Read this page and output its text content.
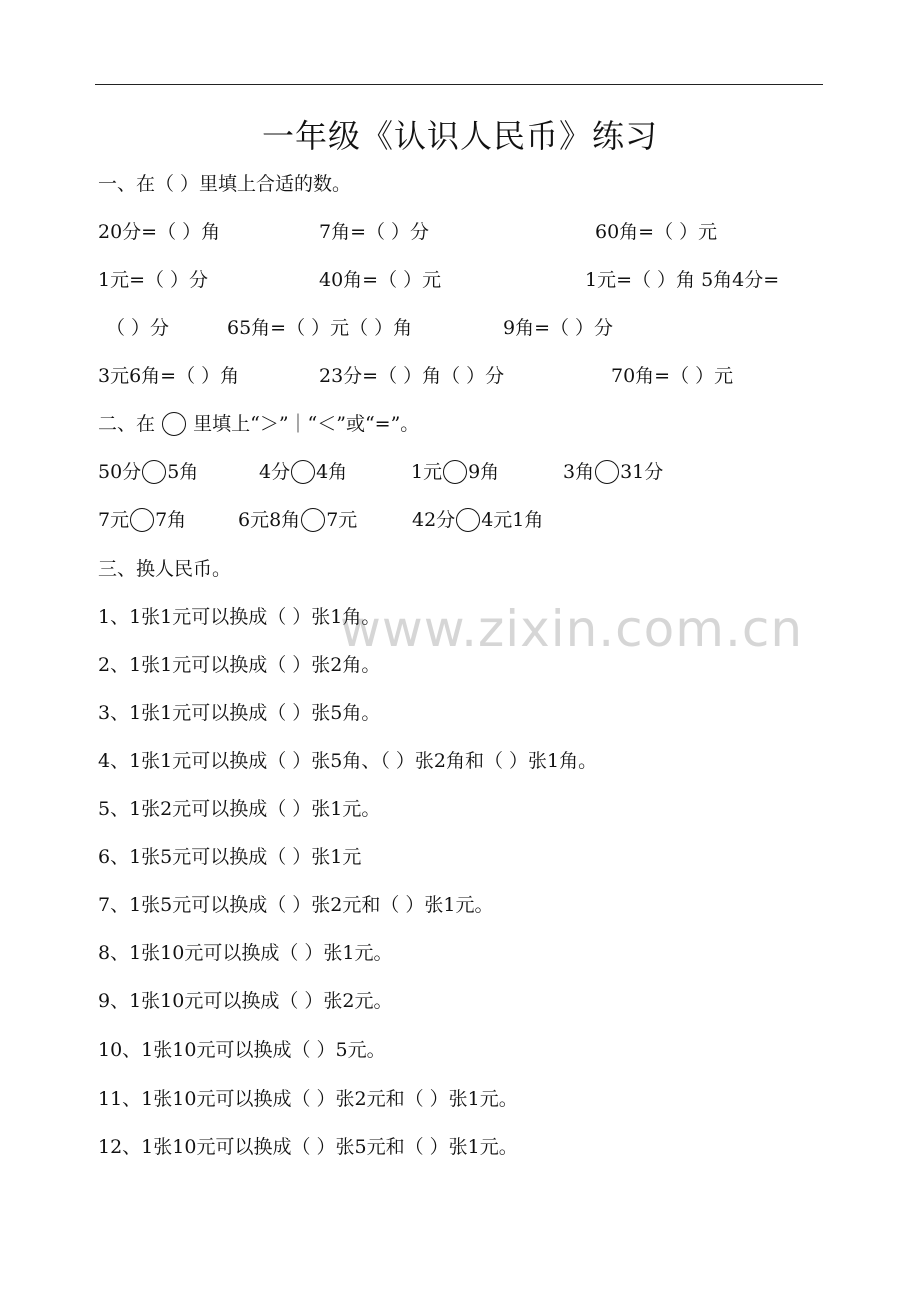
一年级《认识人民币》练习
www.zixin.com.cn
一、在（ ）里填上合适的数。
20分=（ ）角	7角=（ ）分	60角=（ ）元
1元=（ ）分	40角=（ ）元	1元=（ ）角 5角4分=
（ ）分	65角=（ ）元（ ）角	9角=（ ）分
3元6角=（ ）角	23分=（ ）角（ ）分	70角=（ ）元
二、在 里填上“＞”｜“＜”或“=”。
50分 5角	4分 4角	1元 9角	3角 31分
7元 7角	6元8角 7元	42分 4元1角
三、换人民币。
1、1张1元可以换成（ ）张1角。
2、1张1元可以换成（ ）张2角。
3、1张1元可以换成（ ）张5角。
4、1张1元可以换成（ ）张5角、（ ）张2角和（ ）张1角。
5、1张2元可以换成（ ）张1元。
6、1张5元可以换成（ ）张1元
7、1张5元可以换成（ ）张2元和（ ）张1元。
8、1张10元可以换成（ ）张1元。
9、1张10元可以换成（ ）张2元。
10、1张10元可以换成（ ）5元。
11、1张10元可以换成（ ）张2元和（ ）张1元。
12、1张10元可以换成（ ）张5元和（ ）张1元。
